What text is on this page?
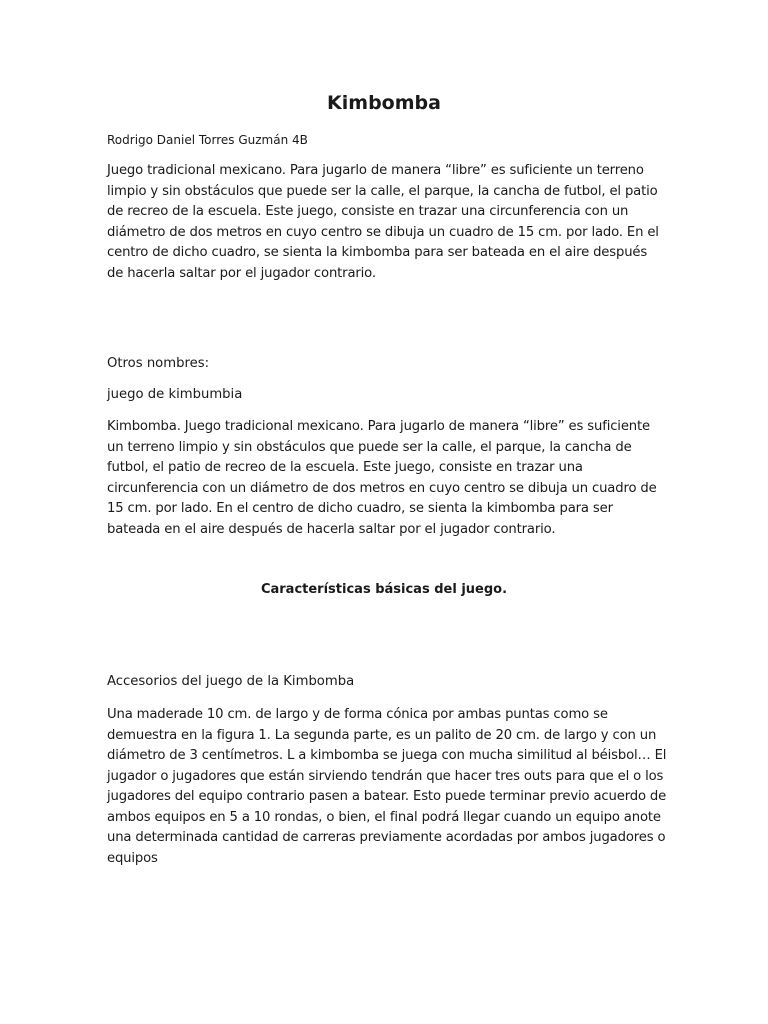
Kimbomba

Rodrigo Daniel Torres Guzmán 4B

Juego tradicional mexicano. Para jugarlo de manera “libre” es suficiente un terreno limpio y sin obstáculos que puede ser la calle, el parque, la cancha de futbol, el patio de recreo de la escuela. Este juego, consiste en trazar una circunferencia con un diámetro de dos metros en cuyo centro se dibuja un cuadro de 15 cm. por lado. En el centro de dicho cuadro, se sienta la kimbomba para ser bateada en el aire después de hacerla saltar por el jugador contrario.

Otros nombres:

juego de kimbumbia

Kimbomba. Juego tradicional mexicano. Para jugarlo de manera “libre” es suficiente un terreno limpio y sin obstáculos que puede ser la calle, el parque, la cancha de futbol, el patio de recreo de la escuela. Este juego, consiste en trazar una circunferencia con un diámetro de dos metros en cuyo centro se dibuja un cuadro de 15 cm. por lado. En el centro de dicho cuadro, se sienta la kimbomba para ser bateada en el aire después de hacerla saltar por el jugador contrario.

Características básicas del juego.

Accesorios del juego de la Kimbomba

Una maderade 10 cm. de largo y de forma cónica por ambas puntas como se demuestra en la figura 1. La segunda parte, es un palito de 20 cm. de largo y con un diámetro de 3 centímetros. L a kimbomba se juega con mucha similitud al béisbol… El jugador o jugadores que están sirviendo tendrán que hacer tres outs para que el o los jugadores del equipo contrario pasen a batear. Esto puede terminar previo acuerdo de ambos equipos en 5 a 10 rondas, o bien, el final podrá llegar cuando un equipo anote una determinada cantidad de carreras previamente acordadas por ambos jugadores o equipos
